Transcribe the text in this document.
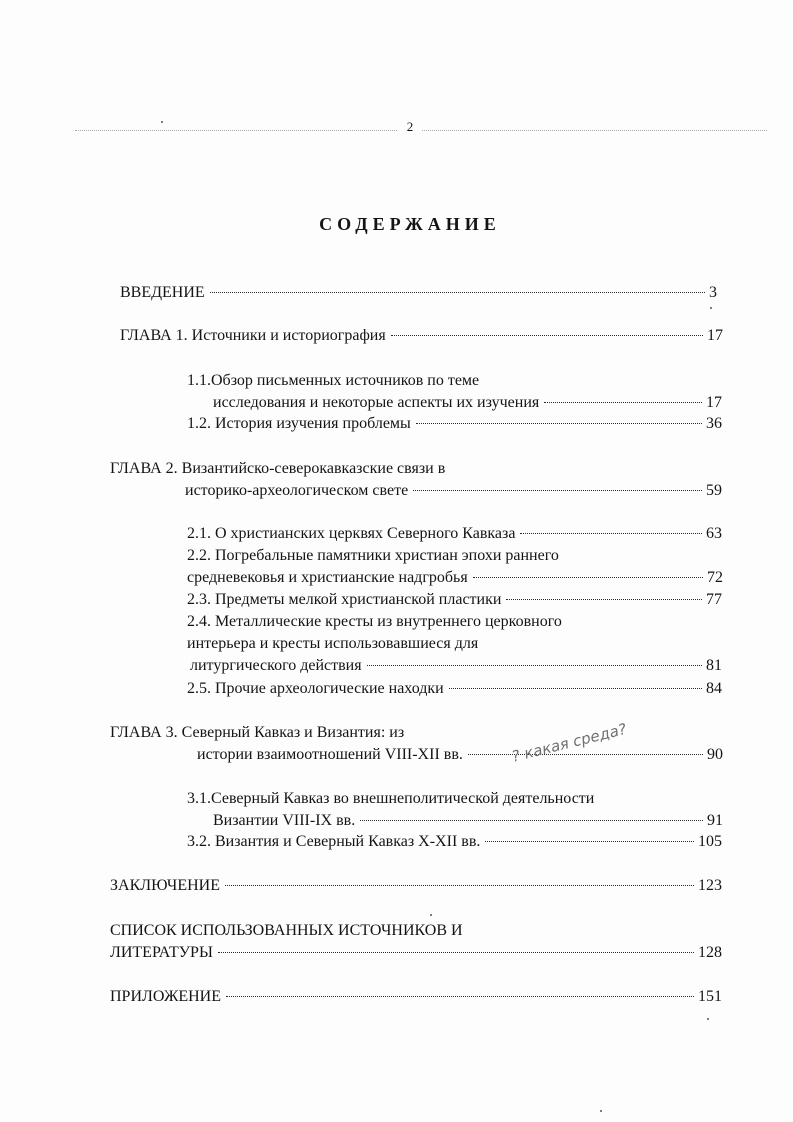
2
СОДЕРЖАНИЕ
ВВЕДЕНИЕ	3
ГЛАВА 1. Источники и историография	17
1.1.Обзор письменных источников по теме
исследования и некоторые аспекты их изучения	17
1.2. История изучения проблемы	36
ГЛАВА 2. Византийско-северокавказские связи в
историко-археологическом свете	59
2.1. О христианских церквях Северного Кавказа	63
2.2. Погребальные памятники христиан эпохи раннего
средневековья и христианские надгробья	72
2.3. Предметы мелкой христианской пластики	77
2.4. Металлические кресты из внутреннего церковного
интерьера и кресты использовавшиеся для
литургического действия	81
2.5. Прочие археологические находки	84
ГЛАВА 3. Северный Кавказ и Византия: из
истории взаимоотношений VIII-XII вв.	90
3.1.Северный Кавказ во внешнеполитической деятельности
Византии VIII-IX вв.	91
3.2. Византия и Северный Кавказ X-XII вв.	105
ЗАКЛЮЧЕНИЕ	123
СПИСОК ИСПОЛЬЗОВАННЫХ ИСТОЧНИКОВ И
ЛИТЕРАТУРЫ	128
ПРИЛОЖЕНИЕ	151
? какая среда?
